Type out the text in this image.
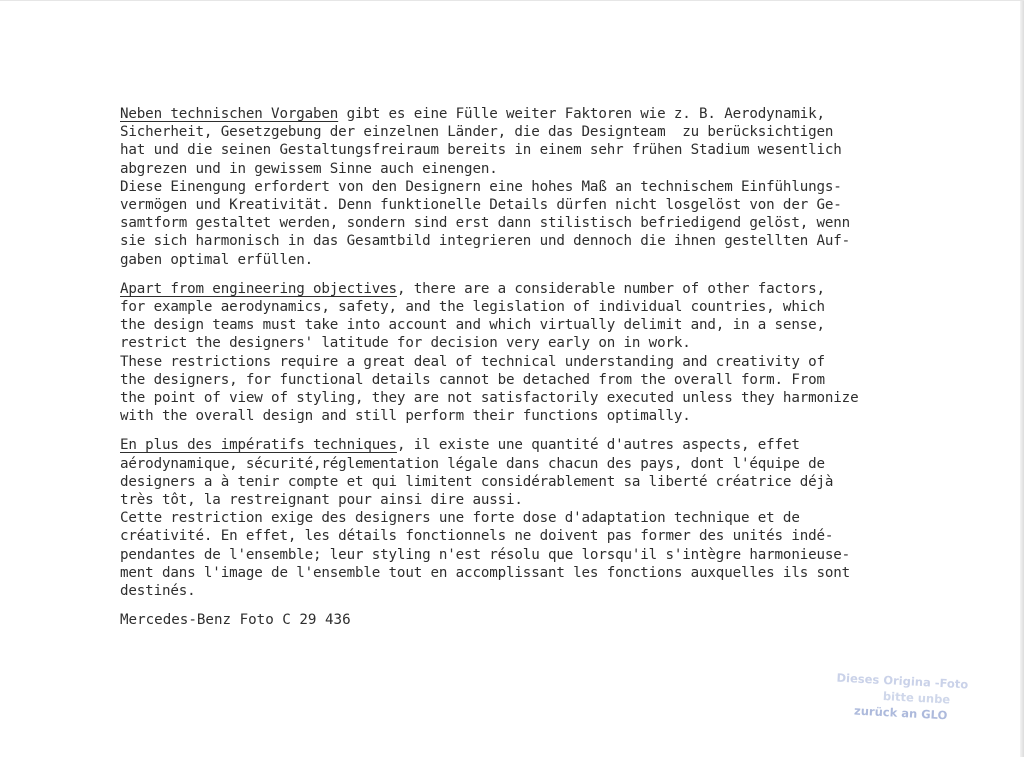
Neben technischen Vorgaben gibt es eine Fülle weiter Faktoren wie z. B. Aerodynamik,
Sicherheit, Gesetzgebung der einzelnen Länder, die das Designteam  zu berücksichtigen
hat und die seinen Gestaltungsfreiraum bereits in einem sehr frühen Stadium wesentlich
abgrezen und in gewissem Sinne auch einengen.
Diese Einengung erfordert von den Designern eine hohes Maß an technischem Einfühlungs-
vermögen und Kreativität. Denn funktionelle Details dürfen nicht losgelöst von der Ge-
samtform gestaltet werden, sondern sind erst dann stilistisch befriedigend gelöst, wenn
sie sich harmonisch in das Gesamtbild integrieren und dennoch die ihnen gestellten Auf-
gaben optimal erfüllen.
Apart from engineering objectives, there are a considerable number of other factors,
for example aerodynamics, safety, and the legislation of individual countries, which
the design teams must take into account and which virtually delimit and, in a sense,
restrict the designers' latitude for decision very early on in work.
These restrictions require a great deal of technical understanding and creativity of
the designers, for functional details cannot be detached from the overall form. From
the point of view of styling, they are not satisfactorily executed unless they harmonize
with the overall design and still perform their functions optimally.
En plus des impératifs techniques, il existe une quantité d'autres aspects, effet
aérodynamique, sécurité,réglementation légale dans chacun des pays, dont l'équipe de
designers a à tenir compte et qui limitent considérablement sa liberté créatrice déjà
très tôt, la restreignant pour ainsi dire aussi.
Cette restriction exige des designers une forte dose d'adaptation technique et de
créativité. En effet, les détails fonctionnels ne doivent pas former des unités indé-
pendantes de l'ensemble; leur styling n'est résolu que lorsqu'il s'intègre harmonieuse-
ment dans l'image de l'ensemble tout en accomplissant les fonctions auxquelles ils sont
destinés.
Mercedes-Benz Foto C 29 436
Dieses Origina -Foto
bitte unbe
zurück an GLO
